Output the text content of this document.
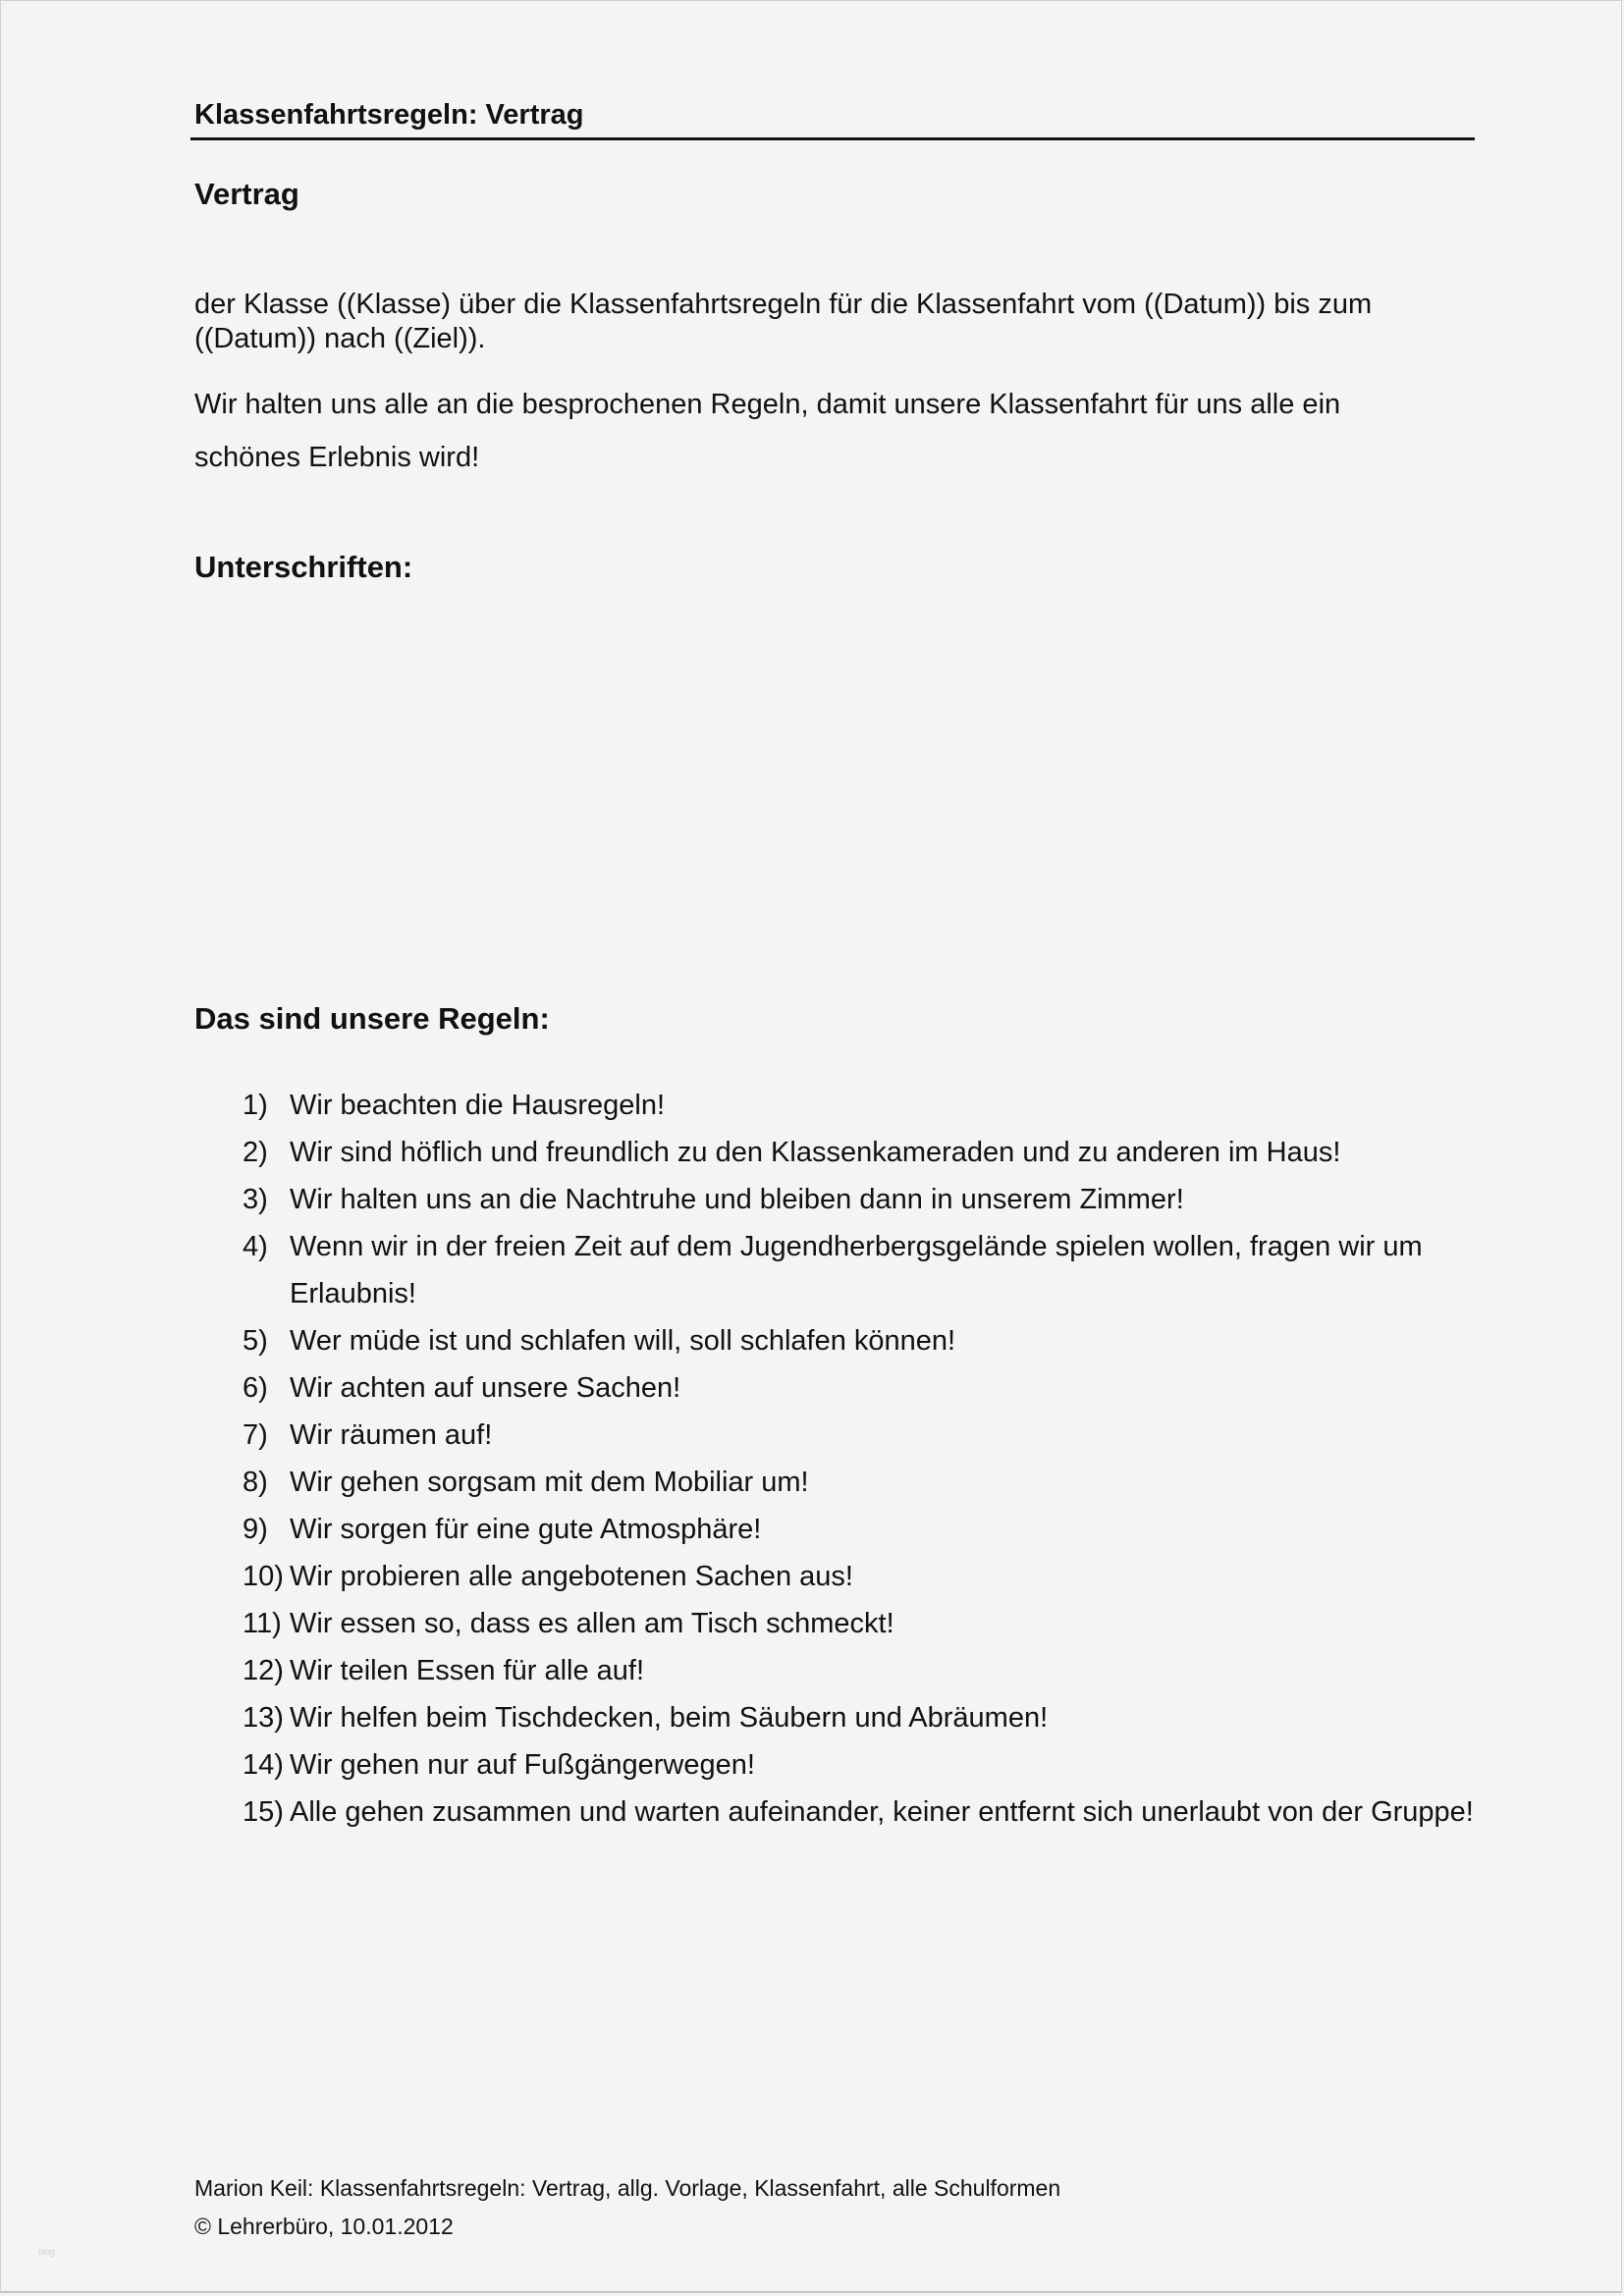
Klassenfahrtsregeln: Vertrag
Vertrag
der Klasse ((Klasse) über die Klassenfahrtsregeln für die Klassenfahrt vom ((Datum)) bis zum
((Datum)) nach ((Ziel)).
Wir halten uns alle an die besprochenen Regeln, damit unsere Klassenfahrt für uns alle ein
schönes Erlebnis wird!
Unterschriften:
Das sind unsere Regeln:
1) Wir beachten die Hausregeln!
2) Wir sind höflich und freundlich zu den Klassenkameraden und zu anderen im Haus!
3) Wir halten uns an die Nachtruhe und bleiben dann in unserem Zimmer!
4) Wenn wir in der freien Zeit auf dem Jugendherbergsgelände spielen wollen, fragen wir um Erlaubnis!
5) Wer müde ist und schlafen will, soll schlafen können!
6) Wir achten auf unsere Sachen!
7) Wir räumen auf!
8) Wir gehen sorgsam mit dem Mobiliar um!
9) Wir sorgen für eine gute Atmosphäre!
10) Wir probieren alle angebotenen Sachen aus!
11) Wir essen so, dass es allen am Tisch schmeckt!
12) Wir teilen Essen für alle auf!
13) Wir helfen beim Tischdecken, beim Säubern und Abräumen!
14) Wir gehen nur auf Fußgängerwegen!
15) Alle gehen zusammen und warten aufeinander, keiner entfernt sich unerlaubt von der Gruppe!
Marion Keil: Klassenfahrtsregeln: Vertrag, allg. Vorlage, Klassenfahrt, alle Schulformen
© Lehrerbüro, 10.01.2012
blog
